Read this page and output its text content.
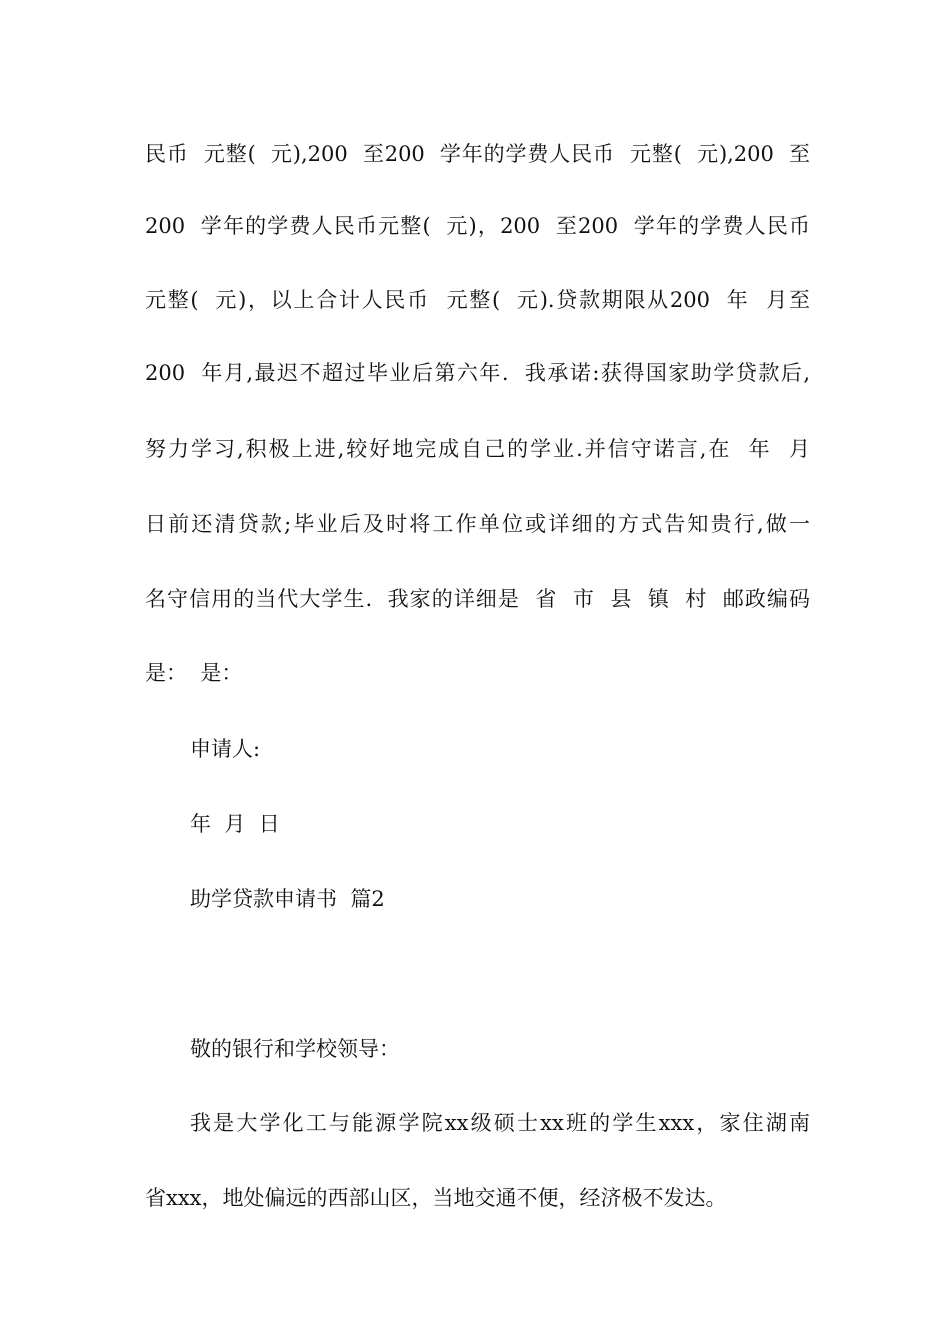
民币  元整(  元),200  至200  学年的学费人民币  元整(  元),200  至
200  学年的学费人民币元整(  元)，200  至200  学年的学费人民币
元整(  元)，以上合计人民币  元整(  元).贷款期限从200  年  月至
200  年月,最迟不超过毕业后第六年.  我承诺:获得国家助学贷款后,
努力学习,积极上进,较好地完成自己的学业.并信守诺言,在  年  月
日前还清贷款;毕业后及时将工作单位或详细的方式告知贵行,做一
名守信用的当代大学生.  我家的详细是  省  市  县  镇  村  邮政编码
是：  是：
申请人:
年  月  日
助学贷款申请书  篇2
敬的银行和学校领导：
我是大学化工与能源学院xx级硕士xx班的学生xxx，家住湖南
省xxx，地处偏远的西部山区，当地交通不便，经济极不发达。
